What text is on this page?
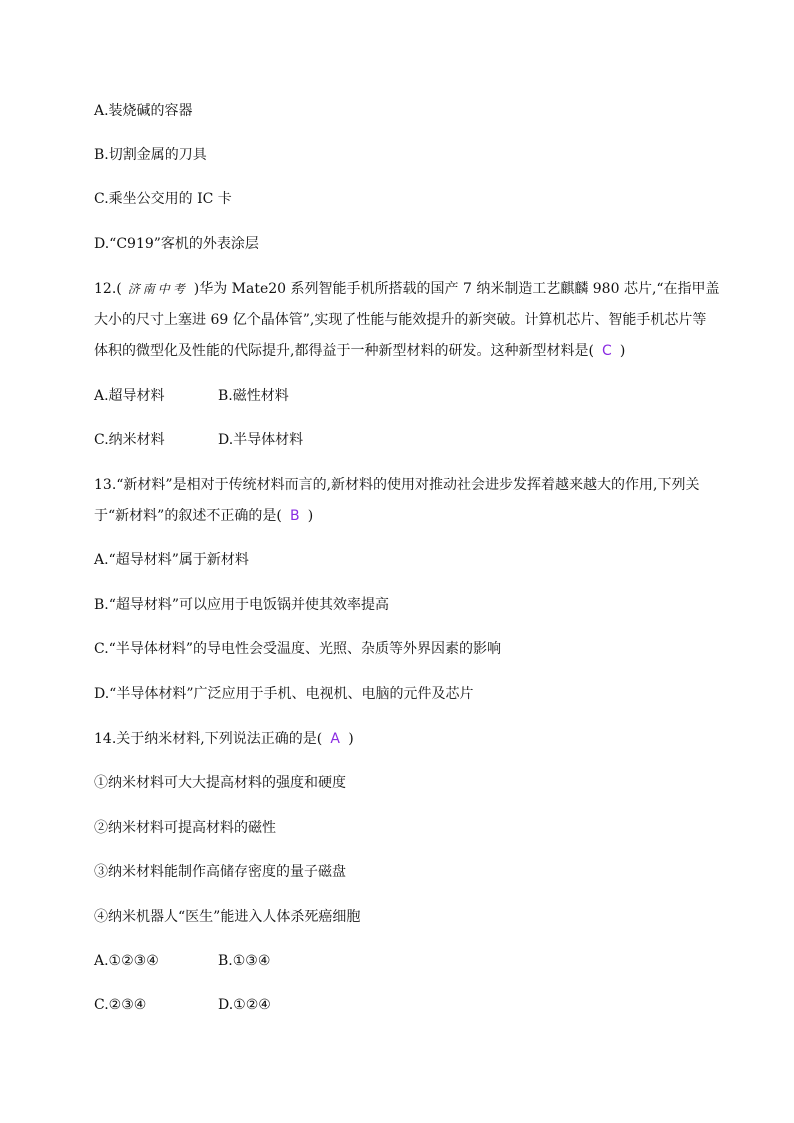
A.装烧碱的容器
B.切割金属的刀具
C.乘坐公交用的 IC 卡
D.“C919”客机的外表涂层
12.( 济南中考 )华为 Mate20 系列智能手机所搭载的国产 7 纳米制造工艺麒麟 980 芯片,“在指甲盖
大小的尺寸上塞进 69 亿个晶体管”,实现了性能与能效提升的新突破。计算机芯片、智能手机芯片等
体积的微型化及性能的代际提升,都得益于一种新型材料的研发。这种新型材料是( C )
A.超导材料	B.磁性材料
C.纳米材料	D.半导体材料
13.“新材料”是相对于传统材料而言的,新材料的使用对推动社会进步发挥着越来越大的作用,下列关
于“新材料”的叙述不正确的是( B )
A.“超导材料”属于新材料
B.“超导材料”可以应用于电饭锅并使其效率提高
C.“半导体材料”的导电性会受温度、光照、杂质等外界因素的影响
D.“半导体材料”广泛应用于手机、电视机、电脑的元件及芯片
14.关于纳米材料,下列说法正确的是( A )
①纳米材料可大大提高材料的强度和硬度
②纳米材料可提高材料的磁性
③纳米材料能制作高储存密度的量子磁盘
④纳米机器人“医生”能进入人体杀死癌细胞
A.①②③④	B.①③④
C.②③④	D.①②④
